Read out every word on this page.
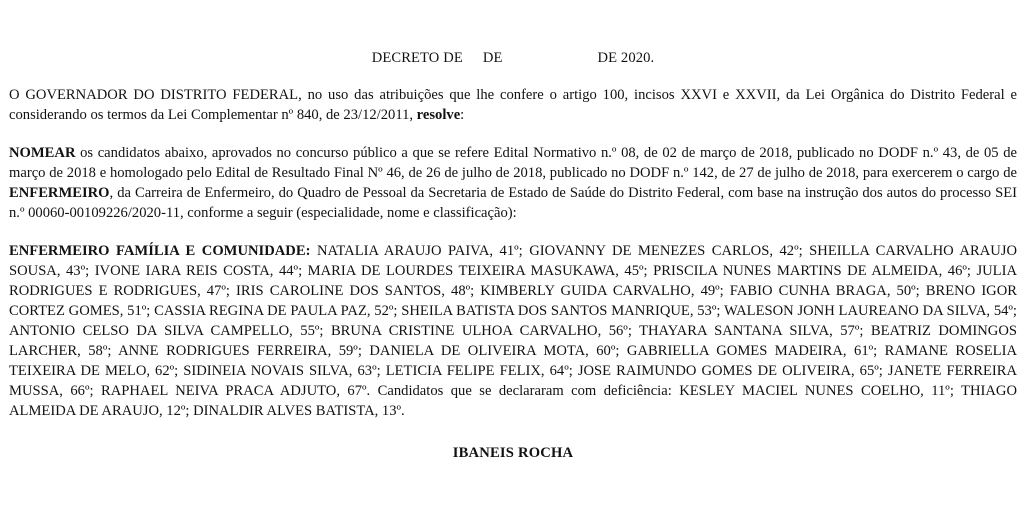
DECRETO DE DE	DE 2020.

O GOVERNADOR DO DISTRITO FEDERAL, no uso das atribuições que lhe confere o artigo 100, incisos XXVI e XXVII, da Lei Orgânica do Distrito Federal e considerando os termos da Lei Complementar nº 840, de 23/12/2011, resolve:

NOMEAR os candidatos abaixo, aprovados no concurso público a que se refere Edital Normativo n.º 08, de 02 de março de 2018, publicado no DODF n.º 43, de 05 de março de 2018 e homologado pelo Edital de Resultado Final Nº 46, de 26 de julho de 2018, publicado no DODF n.º 142, de 27 de julho de 2018, para exercerem o cargo de ENFERMEIRO, da Carreira de Enfermeiro, do Quadro de Pessoal da Secretaria de Estado de Saúde do Distrito Federal, com base na instrução dos autos do processo SEI n.º 00060-00109226/2020-11, conforme a seguir (especialidade, nome e classificação):

ENFERMEIRO FAMÍLIA E COMUNIDADE: NATALIA ARAUJO PAIVA, 41º; GIOVANNY DE MENEZES CARLOS, 42º; SHEILLA CARVALHO ARAUJO SOUSA, 43º; IVONE IARA REIS COSTA, 44º; MARIA DE LOURDES TEIXEIRA MASUKAWA, 45º; PRISCILA NUNES MARTINS DE ALMEIDA, 46º; JULIA RODRIGUES E RODRIGUES, 47º; IRIS CAROLINE DOS SANTOS, 48º; KIMBERLY GUIDA CARVALHO, 49º; FABIO CUNHA BRAGA, 50º; BRENO IGOR CORTEZ GOMES, 51º; CASSIA REGINA DE PAULA PAZ, 52º; SHEILA BATISTA DOS SANTOS MANRIQUE, 53º; WALESON JONH LAUREANO DA SILVA, 54º; ANTONIO CELSO DA SILVA CAMPELLO, 55º; BRUNA CRISTINE ULHOA CARVALHO, 56º; THAYARA SANTANA SILVA, 57º; BEATRIZ DOMINGOS LARCHER, 58º; ANNE RODRIGUES FERREIRA, 59º; DANIELA DE OLIVEIRA MOTA, 60º; GABRIELLA GOMES MADEIRA, 61º; RAMANE ROSELIA TEIXEIRA DE MELO, 62º; SIDINEIA NOVAIS SILVA, 63º; LETICIA FELIPE FELIX, 64º; JOSE RAIMUNDO GOMES DE OLIVEIRA, 65º; JANETE FERREIRA MUSSA, 66º; RAPHAEL NEIVA PRACA ADJUTO, 67º. Candidatos que se declararam com deficiência: KESLEY MACIEL NUNES COELHO, 11º; THIAGO ALMEIDA DE ARAUJO, 12º; DINALDIR ALVES BATISTA, 13º.

IBANEIS ROCHA
